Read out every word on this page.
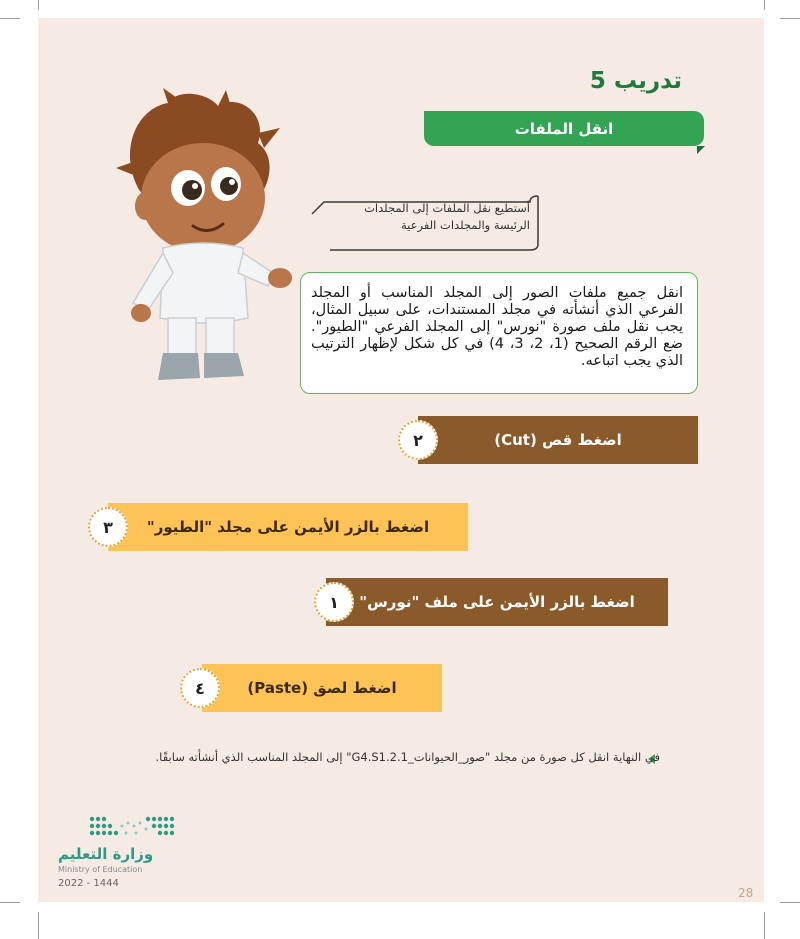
تدريب 5
انقل الملفات
أستطيع نقل الملفات إلى المجلدات
الرئيسة والمجلدات الفرعية
انقل جميع ملفات الصور إلى المجلد المناسب أو المجلد الفرعي الذي أنشأته في مجلد المستندات، على سبيل المثال، يجب نقل ملف صورة "نورس" إلى المجلد الفرعي "الطيور". ضع الرقم الصحيح (1، 2، 3، 4) في كل شكل لإظهار الترتيب الذي يجب اتباعه.
اضغط قص (Cut)
٢
اضغط بالزر الأيمن على مجلد "الطيور"
٣
اضغط بالزر الأيمن على ملف "نورس"
١
اضغط لصق (Paste)
٤
في النهاية انقل كل صورة من مجلد "صور_الحيوانات_G4.S1.2.1" إلى المجلد المناسب الذي أنشأته سابقًا.
وزارة التعليم
Ministry of Education
2022 - 1444
28
